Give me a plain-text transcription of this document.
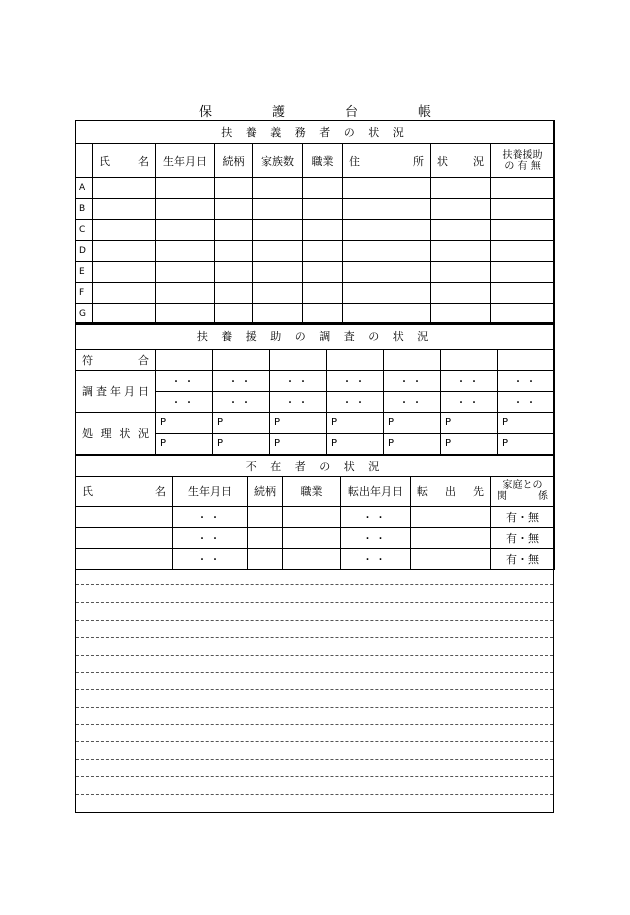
保	護	台	帳
扶 養 義 務 者 の 状 況								
	氏 名	生年月日	続柄	家族数	職業	住 所	状 況	扶養援助
の 有 無

A								
B								
C								
D								
E								
F								
G								
扶 養 援 助 の 調 査 の 状 況							
符 合							
調査年月日	・・	・・	・・	・・	・・	・・	・・
	・・	・・	・・	・・	・・	・・	・・
処理状況	P	P	P	P	P	P	P
	P	P	P	P	P	P	P
不 在 者 の 状 況						
氏 名	生年月日	続柄	職業	転出年月日	転 出 先	家庭との
関 係

	・・			・・		有・無
	・・			・・		有・無
	・・			・・		有・無
